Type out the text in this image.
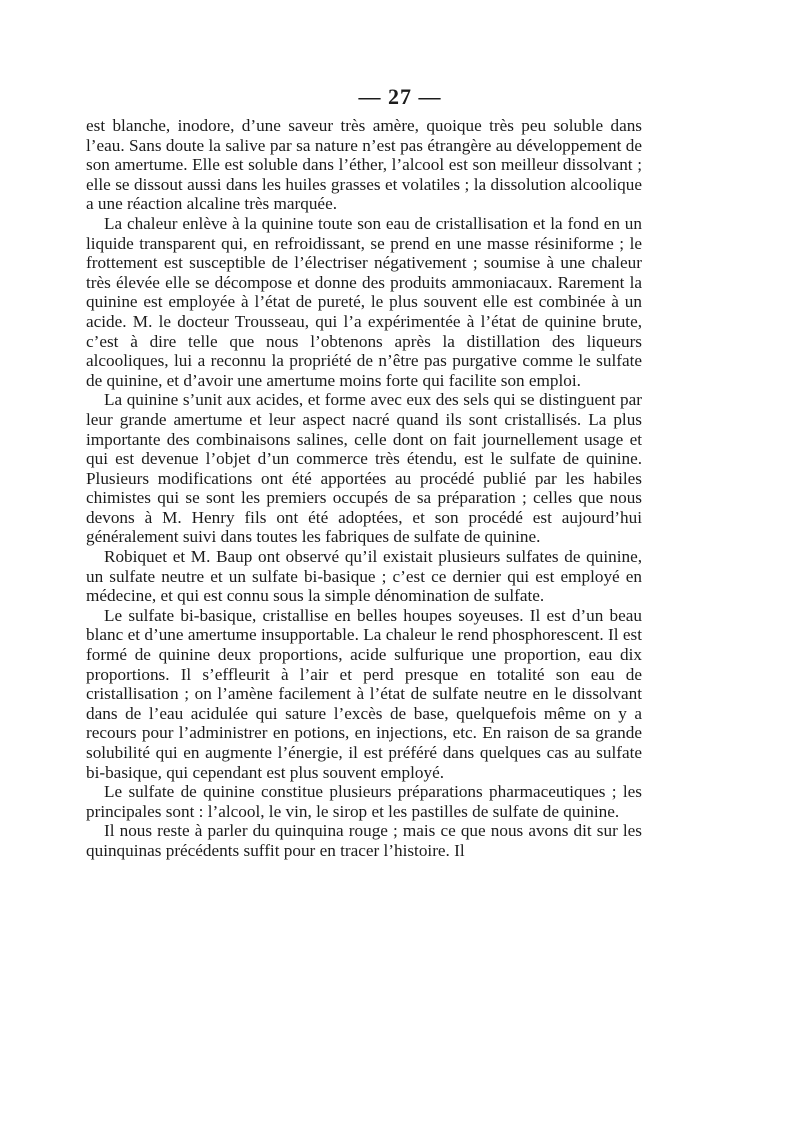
— 27 —

est blanche, inodore, d’une saveur très amère, quoique très peu soluble dans l’eau. Sans doute la salive par sa nature n’est pas étrangère au développement de son amertume. Elle est soluble dans l’éther, l’alcool est son meilleur dissolvant ; elle se dissout aussi dans les huiles grasses et volatiles ; la dissolution alcoolique a une réaction alcaline très marquée.

La chaleur enlève à la quinine toute son eau de cristallisation et la fond en un liquide transparent qui, en refroidissant, se prend en une masse résiniforme ; le frottement est susceptible de l’électriser négativement ; soumise à une chaleur très élevée elle se décompose et donne des produits ammoniacaux. Rarement la quinine est employée à l’état de pureté, le plus souvent elle est combinée à un acide. M. le docteur Trousseau, qui l’a expérimentée à l’état de quinine brute, c’est à dire telle que nous l’obtenons après la distillation des liqueurs alcooliques, lui a reconnu la propriété de n’être pas purgative comme le sulfate de quinine, et d’avoir une amertume moins forte qui facilite son emploi.

La quinine s’unit aux acides, et forme avec eux des sels qui se distinguent par leur grande amertume et leur aspect nacré quand ils sont cristallisés. La plus importante des combinaisons salines, celle dont on fait journellement usage et qui est devenue l’objet d’un commerce très étendu, est le sulfate de quinine. Plusieurs modifications ont été apportées au procédé publié par les habiles chimistes qui se sont les premiers occupés de sa préparation ; celles que nous devons à M. Henry fils ont été adoptées, et son procédé est aujourd’hui généralement suivi dans toutes les fabriques de sulfate de quinine.

Robiquet et M. Baup ont observé qu’il existait plusieurs sulfates de quinine, un sulfate neutre et un sulfate bi-basique ; c’est ce dernier qui est employé en médecine, et qui est connu sous la simple dénomination de sulfate.

Le sulfate bi-basique, cristallise en belles houpes soyeuses. Il est d’un beau blanc et d’une amertume insupportable. La chaleur le rend phosphorescent. Il est formé de quinine deux proportions, acide sulfurique une proportion, eau dix proportions. Il s’effleurit à l’air et perd presque en totalité son eau de cristallisation ; on l’amène facilement à l’état de sulfate neutre en le dissolvant dans de l’eau acidulée qui sature l’excès de base, quelquefois même on y a recours pour l’administrer en potions, en injections, etc. En raison de sa grande solubilité qui en augmente l’énergie, il est préféré dans quelques cas au sulfate bi-basique, qui cependant est plus souvent employé.

Le sulfate de quinine constitue plusieurs préparations pharmaceutiques ; les principales sont : l’alcool, le vin, le sirop et les pastilles de sulfate de quinine.

Il nous reste à parler du quinquina rouge ; mais ce que nous avons dit sur les quinquinas précédents suffit pour en tracer l’histoire. Il
